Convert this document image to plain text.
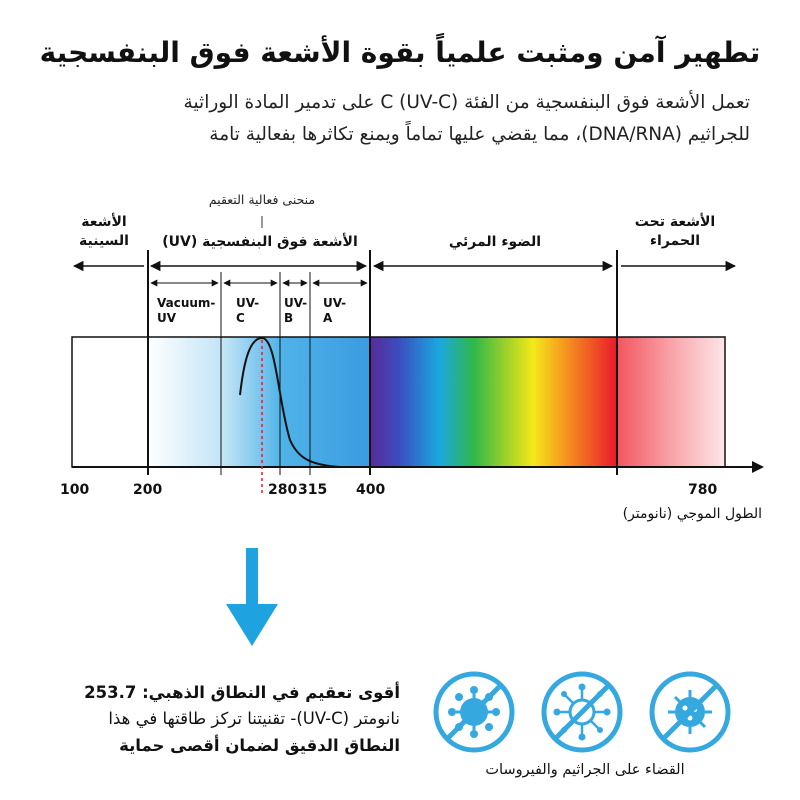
تطهير آمن ومثبت علمياً بقوة الأشعة فوق البنفسجية
تعمل الأشعة فوق البنفسجية من الفئة C (UV-C) على تدمير المادة الوراثية
للجراثيم (DNA/RNA)، مما يقضي عليها تماماً ويمنع تكاثرها بفعالية تامة
منحنى فعالية التعقيم
الأشعة السينية	الأشعة فوق البنفسجية (UV)	الضوء المرئي
الأشعة تحت الحمراء
Vacuum-UV
UV-C
UV-B
UV-A
100	200	280 315 400	780
الطول الموجي (نانومتر)
أقوى تعقيم في النطاق الذهبي: 253.7
نانومتر (UV-C)- تقنيتنا تركز طاقتها في هذا
النطاق الدقيق لضمان أقصى حماية
القضاء على الجراثيم والفيروسات
